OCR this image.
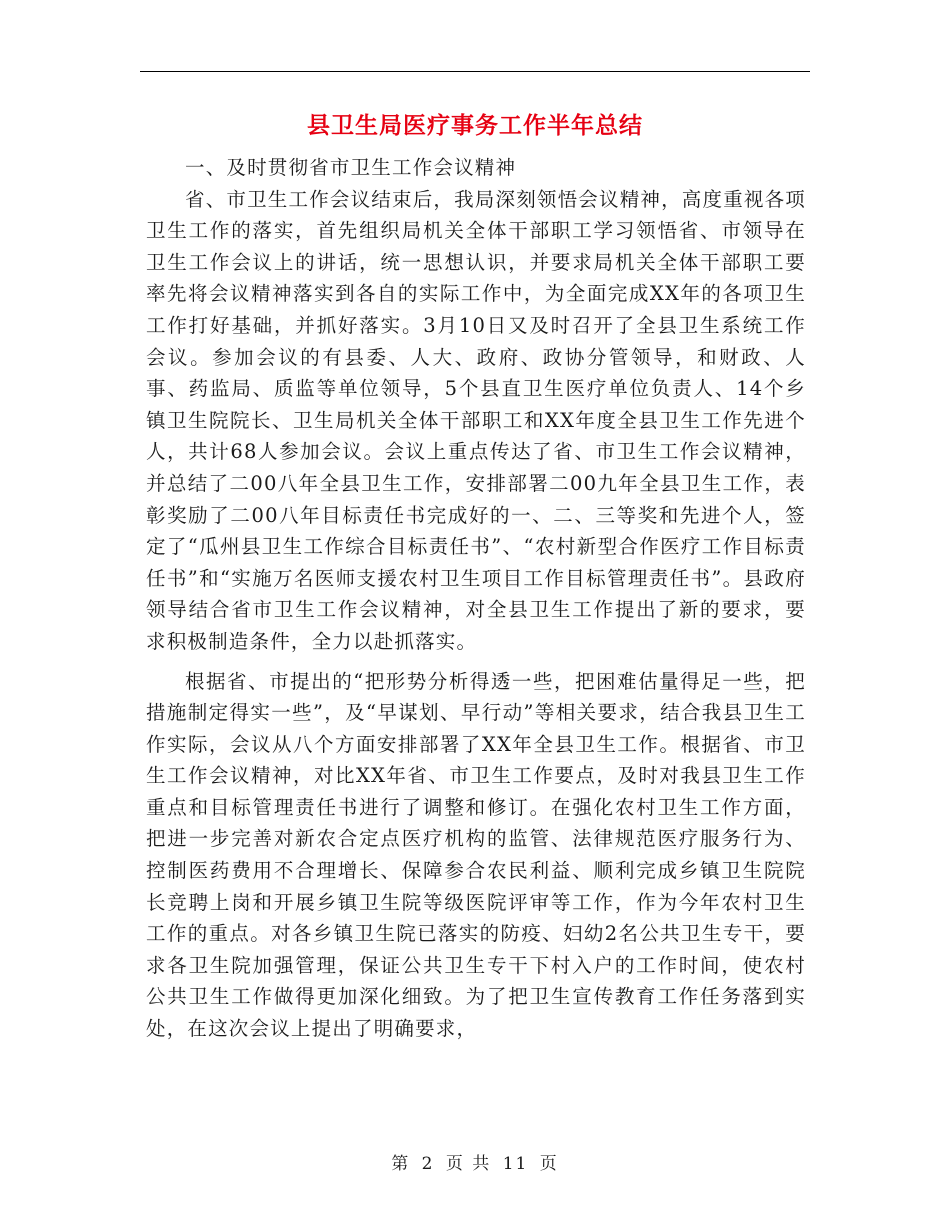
县卫生局医疗事务工作半年总结

一、及时贯彻省市卫生工作会议精神

省、市卫生工作会议结束后，我局深刻领悟会议精神，高度重视各项卫生工作的落实，首先组织局机关全体干部职工学习领悟省、市领导在卫生工作会议上的讲话，统一思想认识，并要求局机关全体干部职工要率先将会议精神落实到各自的实际工作中，为全面完成XX年的各项卫生工作打好基础，并抓好落实。3月10日又及时召开了全县卫生系统工作会议。参加会议的有县委、人大、政府、政协分管领导，和财政、人事、药监局、质监等单位领导，5个县直卫生医疗单位负责人、14个乡镇卫生院院长、卫生局机关全体干部职工和XX年度全县卫生工作先进个人，共计68人参加会议。会议上重点传达了省、市卫生工作会议精神，并总结了二00八年全县卫生工作，安排部署二00九年全县卫生工作，表彰奖励了二00八年目标责任书完成好的一、二、三等奖和先进个人，签定了“瓜州县卫生工作综合目标责任书”、“农村新型合作医疗工作目标责任书”和“实施万名医师支援农村卫生项目工作目标管理责任书”。县政府领导结合省市卫生工作会议精神，对全县卫生工作提出了新的要求，要求积极制造条件，全力以赴抓落实。

根据省、市提出的“把形势分析得透一些，把困难估量得足一些，把措施制定得实一些”，及“早谋划、早行动”等相关要求，结合我县卫生工作实际，会议从八个方面安排部署了XX年全县卫生工作。根据省、市卫生工作会议精神，对比XX年省、市卫生工作要点，及时对我县卫生工作重点和目标管理责任书进行了调整和修订。在强化农村卫生工作方面，把进一步完善对新农合定点医疗机构的监管、法律规范医疗服务行为、控制医药费用不合理增长、保障参合农民利益、顺利完成乡镇卫生院院长竞聘上岗和开展乡镇卫生院等级医院评审等工作，作为今年农村卫生工作的重点。对各乡镇卫生院已落实的防疫、妇幼2名公共卫生专干，要求各卫生院加强管理，保证公共卫生专干下村入户的工作时间，使农村公共卫生工作做得更加深化细致。为了把卫生宣传教育工作任务落到实处，在这次会议上提出了明确要求，

第 2 页 共 11 页
